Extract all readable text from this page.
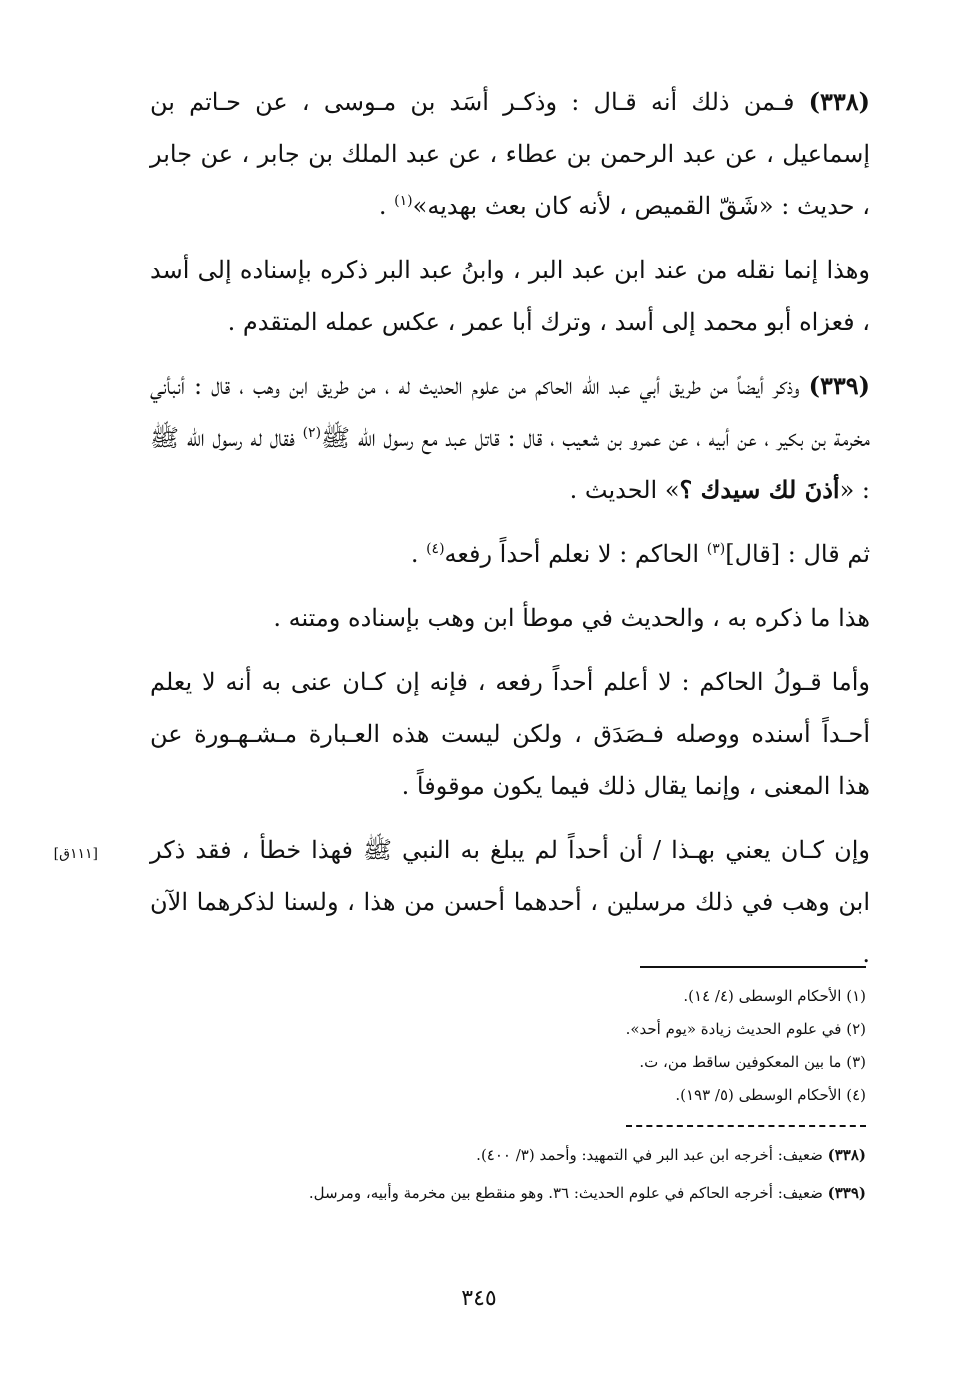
[١١١ق]

(٣٣٨) فـمن ذلك أنه قـال : وذكـر أسَد بن مـوسى ، عن حـاتم بن إسماعيل ، عن عبد الرحمن بن عطاء ، عن عبد الملك بن جابر ، عن جابر ، حديث : «شَقّ القميص ، لأنه كان بعث بهديه»$^{(١)}$ .

وهذا إنما نقله من عند ابن عبد البر ، وابنُ عبد البر ذكره بإسناده إلى أسد ، فعزاه أبو محمد إلى أسد ، وترك أبا عمر ، عكس عمله المتقدم .

(٣٣٩) وذكر أيضاً من طريق أبي عبد الله الحاكم من علوم الحديث له ، من طريق ابن وهب ، قال : أنبأني مخرمة بن بكير ، عن أبيه ، عن عمرو بن شعيب ، قال : قاتل عبد مع رسول الله ﷺ$^{(٢)}$ فقال له رسول الله ﷺ : «أذنَ لك سيدك ؟» الحديث .

ثم قال : [قال]$^{(٣)}$ الحاكم : لا نعلم أحداً رفعه$^{(٤)}$ .

هذا ما ذكره به ، والحديث في موطأ ابن وهب بإسناده ومتنه .

وأما قـولُ الحاكم : لا أعلم أحداً رفعه ، فإنه إن كـان عنى به أنه لا يعلم أحـداً أسنده ووصله فـصَدَق ، ولكن ليست هذه العـبارة مـشـهـورة عن هذا المعنى ، وإنما يقال ذلك فيما يكون موقوفاً .

وإن كـان يعني بهـذا / أن أحداً لم يبلغ به النبي ﷺ فهذا خطأ ، فقد ذكر ابن وهب في ذلك مرسلين ، أحدهما أحسن من هذا ، ولسنا لذكرهما الآن .

(١) الأحكام الوسطى (٤/ ١٤).
(٢) في علوم الحديث زيادة «يوم أحد».
(٣) ما بين المعكوفين ساقط من، ت.
(٤) الأحكام الوسطى (٥/ ١٩٣).
(٣٣٨) ضعيف: أخرجه ابن عبد البر في التمهيد: وأحمد (٣/ ٤٠٠).
(٣٣٩) ضعيف: أخرجه الحاكم في علوم الحديث: ٣٦. وهو منقطع بين مخرمة وأبيه، ومرسل.
٣٤٥
